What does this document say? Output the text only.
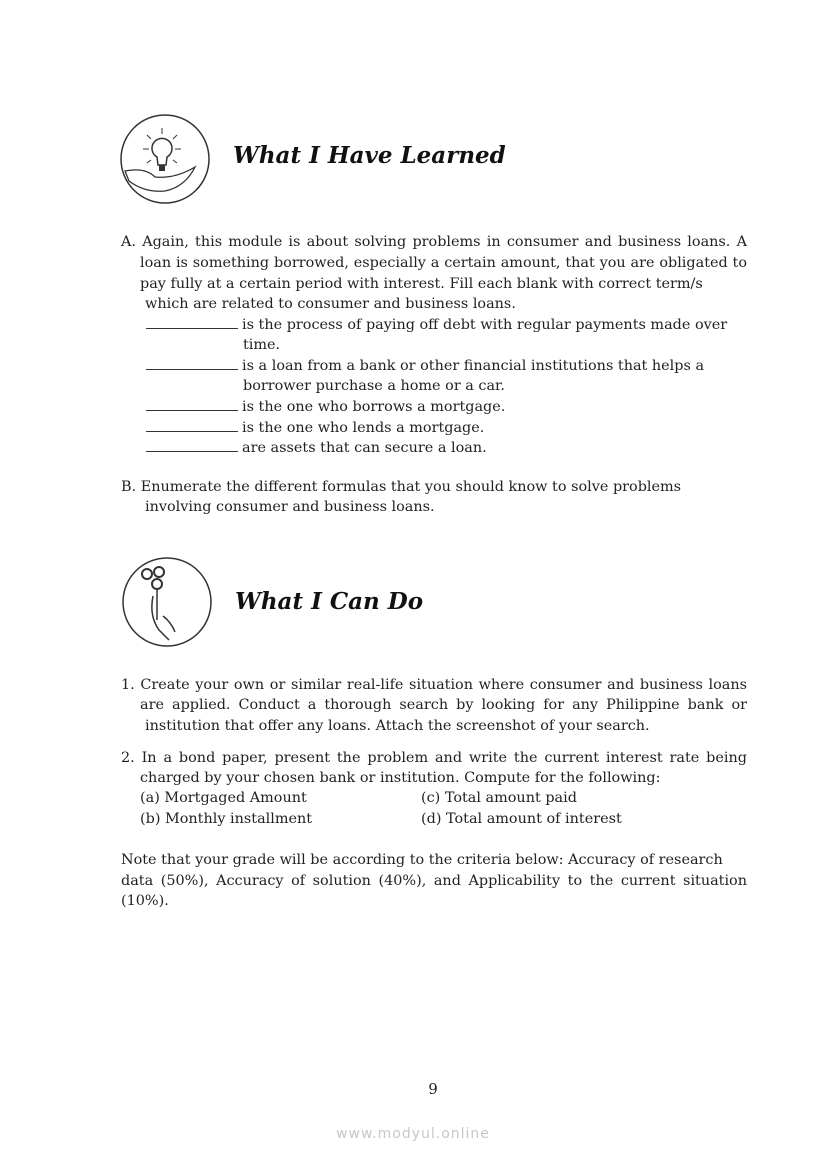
What I Have Learned
A. Again, this module is about solving problems in consumer and business loans. A
loan is something borrowed, especially a certain amount, that you are obligated to
pay fully at a certain period with interest. Fill each blank with correct term/s
which are related to consumer and business loans.
is the process of paying off debt with regular payments made over
time.
is a loan from a bank or other financial institutions that helps a
borrower purchase a home or a car.
is the one who borrows a mortgage.
is the one who lends a mortgage.
are assets that can secure a loan.
B. Enumerate the different formulas that you should know to solve problems
involving consumer and business loans.
What I Can Do
1. Create your own or similar real-life situation where consumer and business loans
are applied. Conduct a thorough search by looking for any Philippine bank or
institution that offer any loans. Attach the screenshot of your search.
2. In a bond paper, present the problem and write the current interest rate being
charged by your chosen bank or institution. Compute for the following:
(a) Mortgaged Amount
(b) Monthly installment
(c) Total amount paid
(d) Total amount of interest
Note that your grade will be according to the criteria below: Accuracy of research
data (50%), Accuracy of solution (40%), and Applicability to the current situation
(10%).
9
www.modyul.online
